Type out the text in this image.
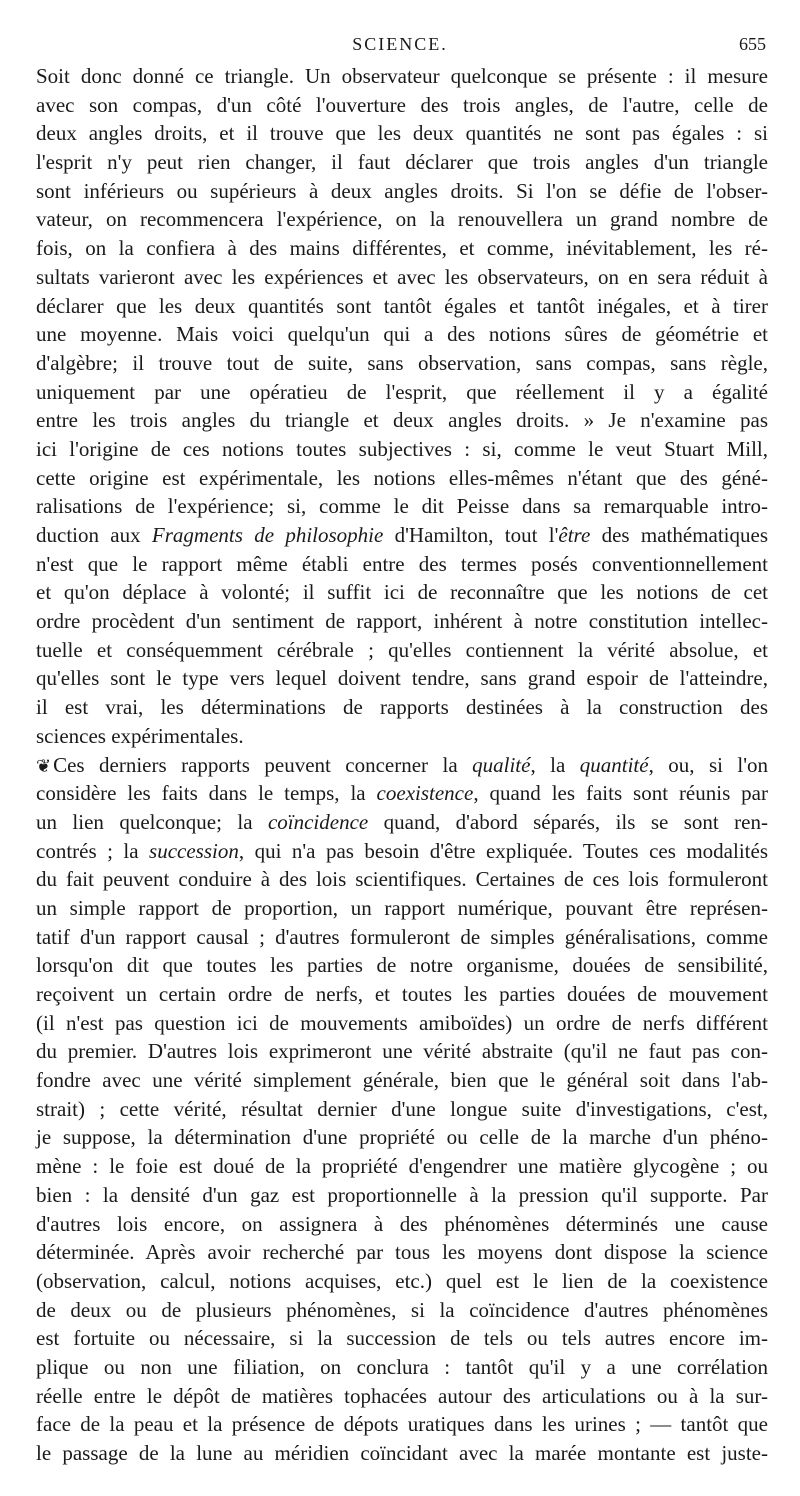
SCIENCE.	655
Soit donc donné ce triangle. Un observateur quelconque se présente : il mesure
avec son compas, d'un côté l'ouverture des trois angles, de l'autre, celle de
deux angles droits, et il trouve que les deux quantités ne sont pas égales : si
l'esprit n'y peut rien changer, il faut déclarer que trois angles d'un triangle
sont inférieurs ou supérieurs à deux angles droits. Si l'on se défie de l'obser-
vateur, on recommencera l'expérience, on la renouvellera un grand nombre de
fois, on la confiera à des mains différentes, et comme, inévitablement, les ré-
sultats varieront avec les expériences et avec les observateurs, on en sera réduit à
déclarer que les deux quantités sont tantôt égales et tantôt inégales, et à tirer
une moyenne. Mais voici quelqu'un qui a des notions sûres de géométrie et
d'algèbre; il trouve tout de suite, sans observation, sans compas, sans règle,
uniquement par une opératieu de l'esprit, que réellement il y a égalité
entre les trois angles du triangle et deux angles droits. » Je n'examine pas
ici l'origine de ces notions toutes subjectives : si, comme le veut Stuart Mill,
cette origine est expérimentale, les notions elles-mêmes n'étant que des géné-
ralisations de l'expérience; si, comme le dit Peisse dans sa remarquable intro-
duction aux Fragments de philosophie d'Hamilton, tout l'être des mathématiques
n'est que le rapport même établi entre des termes posés conventionnellement
et qu'on déplace à volonté; il suffit ici de reconnaître que les notions de cet
ordre procèdent d'un sentiment de rapport, inhérent à notre constitution intellec-
tuelle et conséquemment cérébrale ; qu'elles contiennent la vérité absolue, et
qu'elles sont le type vers lequel doivent tendre, sans grand espoir de l'atteindre,
il est vrai, les déterminations de rapports destinées à la construction des
sciences expérimentales.
❦Ces derniers rapports peuvent concerner la qualité, la quantité, ou, si l'on
considère les faits dans le temps, la coexistence, quand les faits sont réunis par
un lien quelconque; la coïncidence quand, d'abord séparés, ils se sont ren-
contrés ; la succession, qui n'a pas besoin d'être expliquée. Toutes ces modalités
du fait peuvent conduire à des lois scientifiques. Certaines de ces lois formuleront
un simple rapport de proportion, un rapport numérique, pouvant être représen-
tatif d'un rapport causal ; d'autres formuleront de simples généralisations, comme
lorsqu'on dit que toutes les parties de notre organisme, douées de sensibilité,
reçoivent un certain ordre de nerfs, et toutes les parties douées de mouvement
(il n'est pas question ici de mouvements amiboïdes) un ordre de nerfs différent
du premier. D'autres lois exprimeront une vérité abstraite (qu'il ne faut pas con-
fondre avec une vérité simplement générale, bien que le général soit dans l'ab-
strait) ; cette vérité, résultat dernier d'une longue suite d'investigations, c'est,
je suppose, la détermination d'une propriété ou celle de la marche d'un phéno-
mène : le foie est doué de la propriété d'engendrer une matière glycogène ; ou
bien : la densité d'un gaz est proportionnelle à la pression qu'il supporte. Par
d'autres lois encore, on assignera à des phénomènes déterminés une cause
déterminée. Après avoir recherché par tous les moyens dont dispose la science
(observation, calcul, notions acquises, etc.) quel est le lien de la coexistence
de deux ou de plusieurs phénomènes, si la coïncidence d'autres phénomènes
est fortuite ou nécessaire, si la succession de tels ou tels autres encore im-
plique ou non une filiation, on conclura : tantôt qu'il y a une corrélation
réelle entre le dépôt de matières tophacées autour des articulations ou à la sur-
face de la peau et la présence de dépots uratiques dans les urines ; — tantôt que
le passage de la lune au méridien coïncidant avec la marée montante est juste-
